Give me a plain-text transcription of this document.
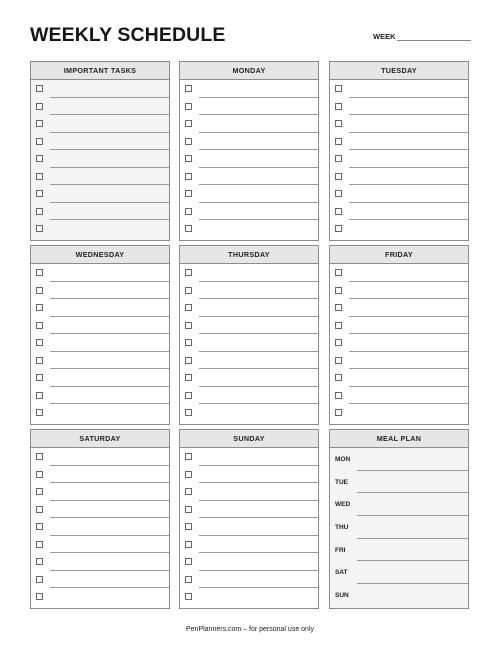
WEEKLY SCHEDULE	WEEK
IMPORTANT TASKS	MONDAY	TUESDAY
WEDNESDAY	THURSDAY	FRIDAY
SATURDAY	SUNDAY	MEAL PLAN
MON
TUE
WED
THU
FRI
SAT
SUN
PenPlanners.com – for personal use only
